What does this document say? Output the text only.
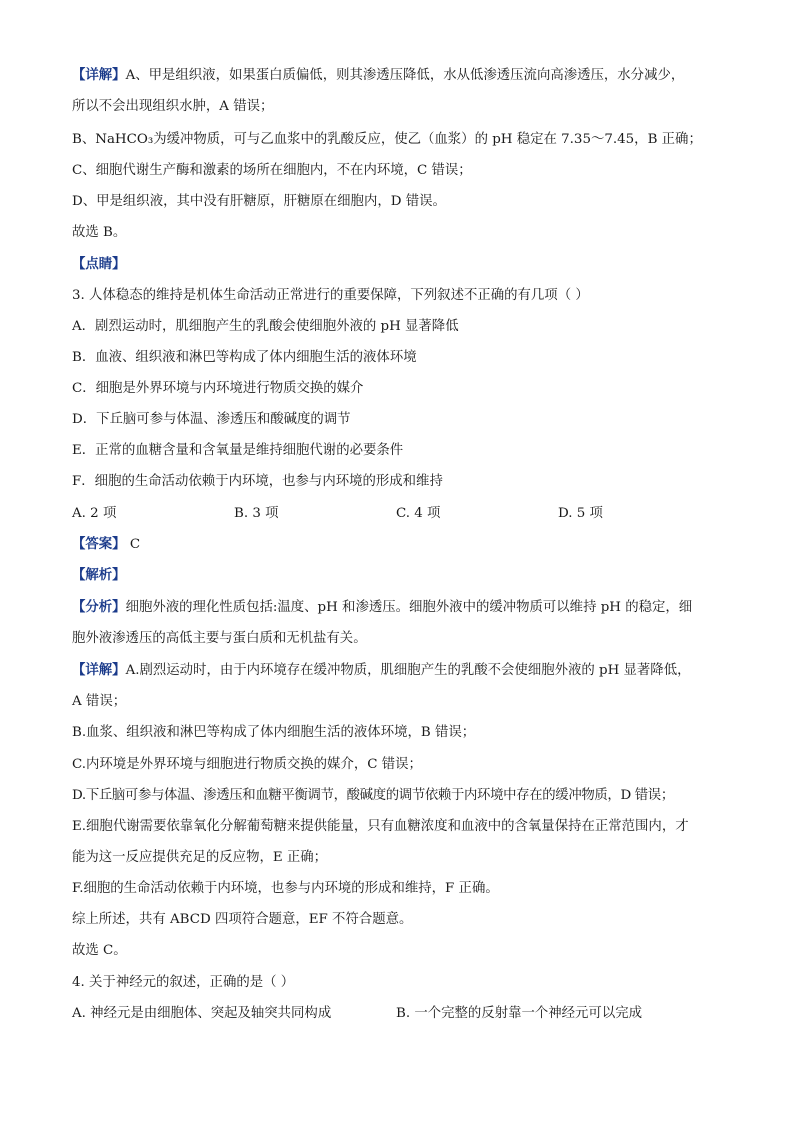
【详解】A、甲是组织液，如果蛋白质偏低，则其渗透压降低，水从低渗透压流向高渗透压，水分减少，
所以不会出现组织水肿，A 错误；
B、NaHCO₃为缓冲物质，可与乙血浆中的乳酸反应，使乙（血浆）的 pH 稳定在 7.35～7.45，B 正确；
C、细胞代谢生产酶和激素的场所在细胞内，不在内环境，C 错误；
D、甲是组织液，其中没有肝糖原，肝糖原在细胞内，D 错误。
故选 B。
【点睛】
3. 人体稳态的维持是机体生命活动正常进行的重要保障，下列叙述不正确的有几项（ ）
A．剧烈运动时，肌细胞产生的乳酸会使细胞外液的 pH 显著降低
B．血液、组织液和淋巴等构成了体内细胞生活的液体环境
C．细胞是外界环境与内环境进行物质交换的媒介
D．下丘脑可参与体温、渗透压和酸碱度的调节
E．正常的血糖含量和含氧量是维持细胞代谢的必要条件
F．细胞的生命活动依赖于内环境，也参与内环境的形成和维持
A. 2 项	B. 3 项	C. 4 项	D. 5 项
【答案】 C
【解析】
【分析】细胞外液的理化性质包括:温度、pH 和渗透压。细胞外液中的缓冲物质可以维持 pH 的稳定，细
胞外液渗透压的高低主要与蛋白质和无机盐有关。
【详解】A.剧烈运动时，由于内环境存在缓冲物质，肌细胞产生的乳酸不会使细胞外液的 pH 显著降低，
A 错误；
B.血浆、组织液和淋巴等构成了体内细胞生活的液体环境，B 错误；
C.内环境是外界环境与细胞进行物质交换的媒介，C 错误；
D.下丘脑可参与体温、渗透压和血糖平衡调节，酸碱度的调节依赖于内环境中存在的缓冲物质，D 错误；
E.细胞代谢需要依靠氧化分解葡萄糖来提供能量，只有血糖浓度和血液中的含氧量保持在正常范围内，才
能为这一反应提供充足的反应物，E 正确；
F.细胞的生命活动依赖于内环境，也参与内环境的形成和维持，F 正确。
综上所述，共有 ABCD 四项符合题意，EF 不符合题意。
故选 C。
4. 关于神经元的叙述，正确的是（ ）
A. 神经元是由细胞体、突起及轴突共同构成	B. 一个完整的反射靠一个神经元可以完成
